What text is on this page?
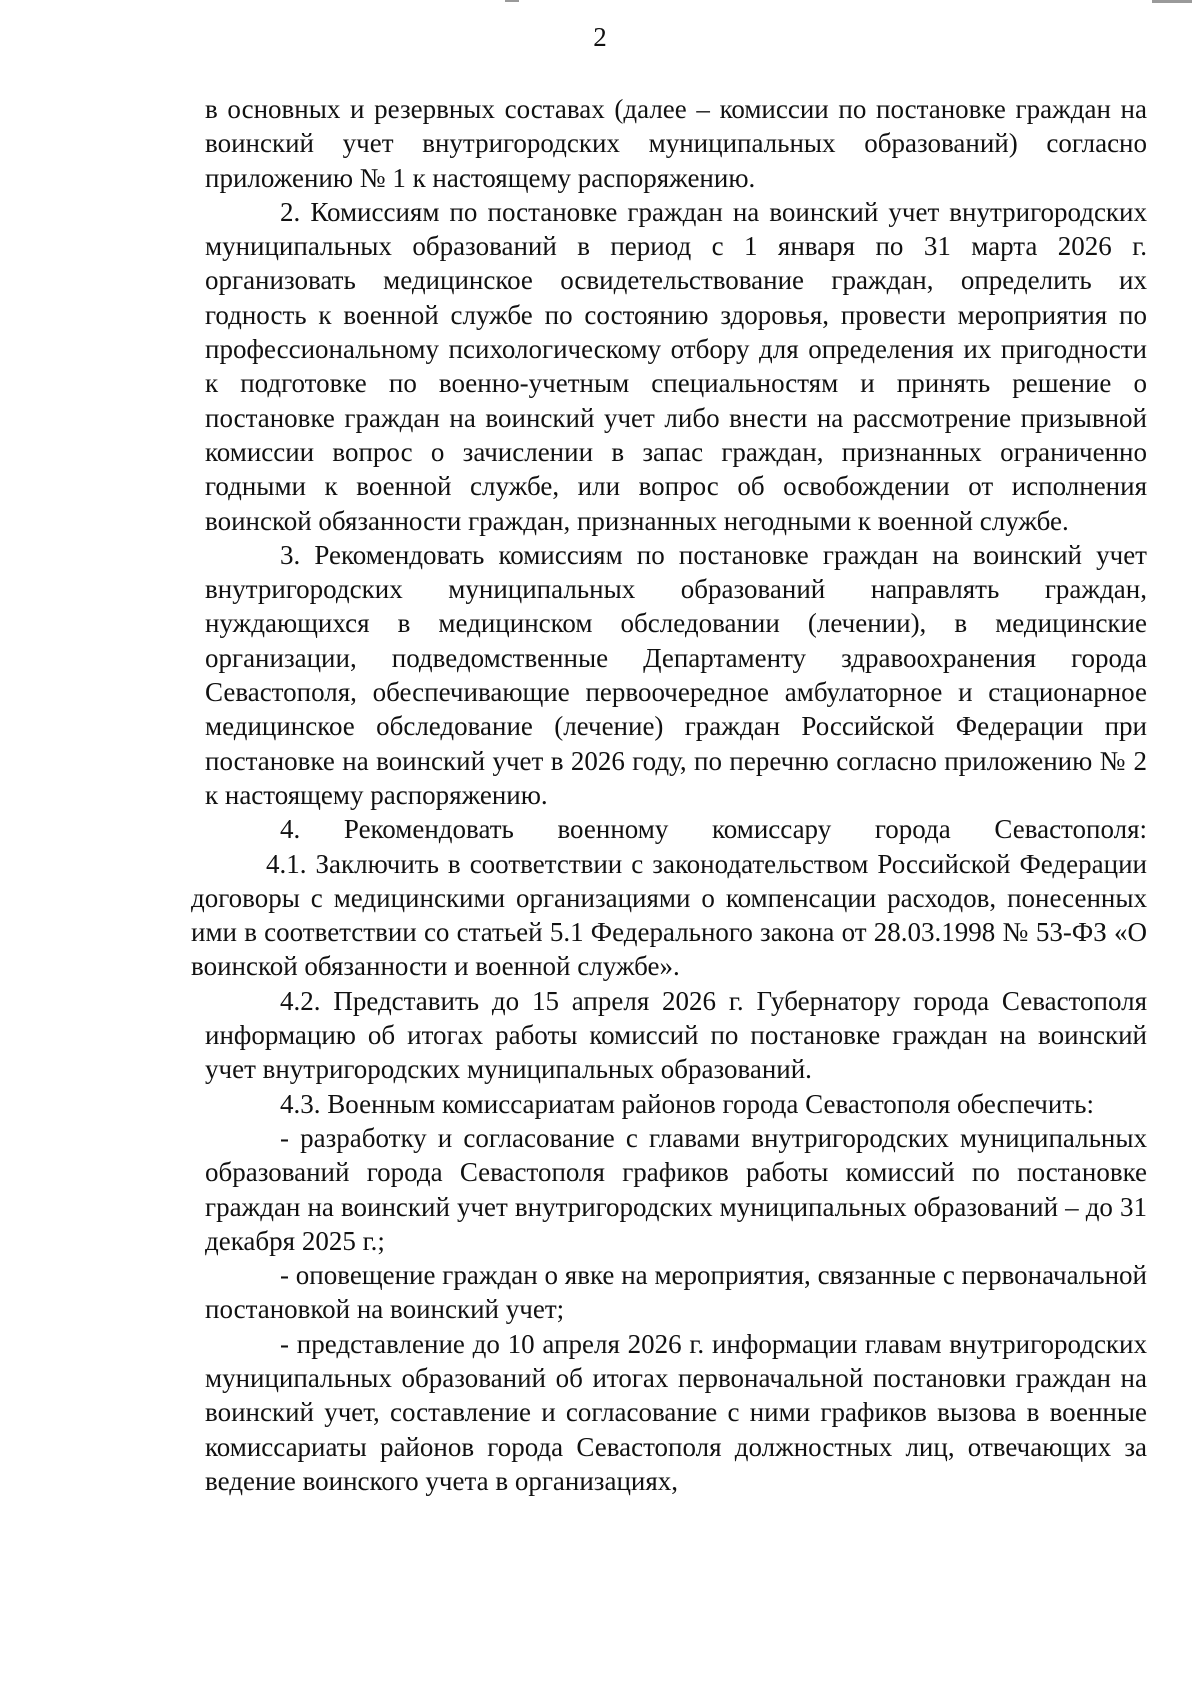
2

в основных и резервных составах (далее – комиссии по постановке граждан на воинский учет внутригородских муниципальных образований) согласно приложению № 1 к настоящему распоряжению.

2. Комиссиям по постановке граждан на воинский учет внутригородских муниципальных образований в период с 1 января по 31 марта 2026 г. организовать медицинское освидетельствование граждан, определить их годность к военной службе по состоянию здоровья, провести мероприятия по профессиональному психологическому отбору для определения их пригодности к подготовке по военно-учетным специальностям и принять решение о постановке граждан на воинский учет либо внести на рассмотрение призывной комиссии вопрос о зачислении в запас граждан, признанных ограниченно годными к военной службе, или вопрос об освобождении от исполнения воинской обязанности граждан, признанных негодными к военной службе.

3. Рекомендовать комиссиям по постановке граждан на воинский учет внутригородских муниципальных образований направлять граждан, нуждающихся в медицинском обследовании (лечении), в медицинские организации, подведомственные Департаменту здравоохранения города Севастополя, обеспечивающие первоочередное амбулаторное и стационарное медицинское обследование (лечение) граждан Российской Федерации при постановке на воинский учет в 2026 году, по перечню согласно приложению № 2 к настоящему распоряжению.

4. Рекомендовать военному комиссару города Севастополя:

4.1. Заключить в соответствии с законодательством Российской Федерации договоры с медицинскими организациями о компенсации расходов, понесенных ими в соответствии со статьей 5.1 Федерального закона от 28.03.1998 № 53-ФЗ «О воинской обязанности и военной службе».

4.2. Представить до 15 апреля 2026 г. Губернатору города Севастополя информацию об итогах работы комиссий по постановке граждан на воинский учет внутригородских муниципальных образований.

4.3. Военным комиссариатам районов города Севастополя обеспечить:

- разработку и согласование с главами внутригородских муниципальных образований города Севастополя графиков работы комиссий по постановке граждан на воинский учет внутригородских муниципальных образований – до 31 декабря 2025 г.;

- оповещение граждан о явке на мероприятия, связанные с первоначальной постановкой на воинский учет;

- представление до 10 апреля 2026 г. информации главам внутригородских муниципальных образований об итогах первоначальной постановки граждан на воинский учет, составление и согласование с ними графиков вызова в военные комиссариаты районов города Севастополя должностных лиц, отвечающих за ведение воинского учета в организациях,
